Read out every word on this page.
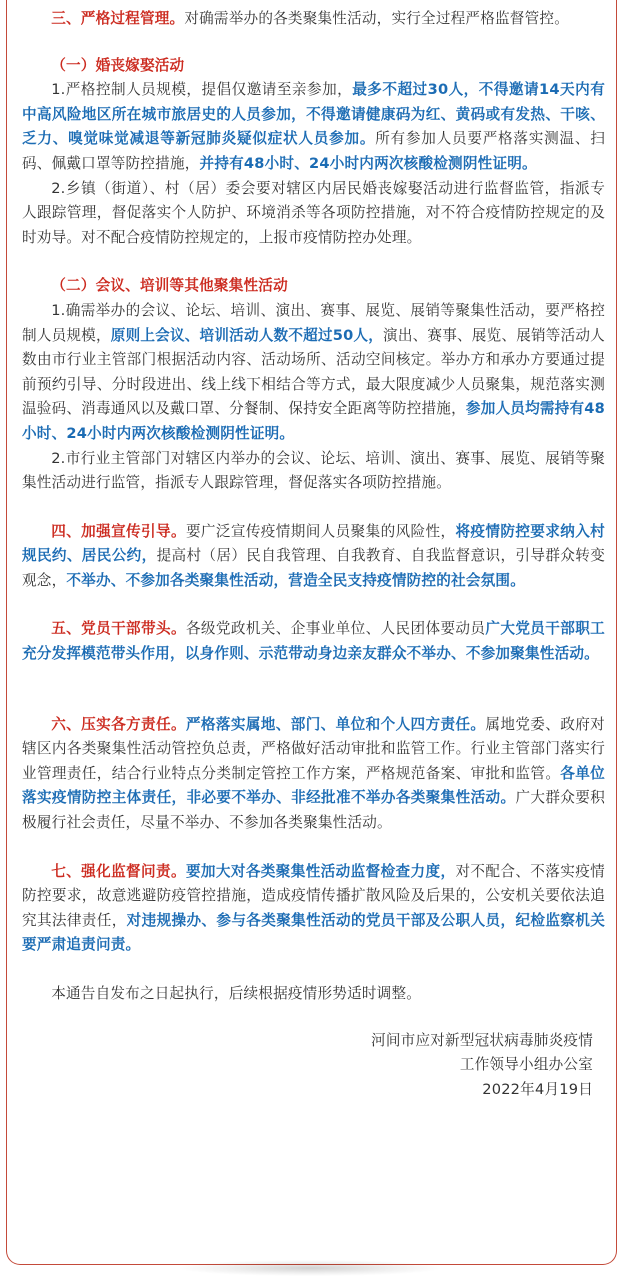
三、严格过程管理。对确需举办的各类聚集性活动，实行全过程严格监督管控。

（一）婚丧嫁娶活动

1.严格控制人员规模，提倡仅邀请至亲参加，最多不超过30人，不得邀请14天内有中高风险地区所在城市旅居史的人员参加，不得邀请健康码为红、黄码或有发热、干咳、乏力、嗅觉味觉减退等新冠肺炎疑似症状人员参加。所有参加人员要严格落实测温、扫码、佩戴口罩等防控措施，并持有48小时、24小时内两次核酸检测阴性证明。

2.乡镇（街道）、村（居）委会要对辖区内居民婚丧嫁娶活动进行监督监管，指派专人跟踪管理，督促落实个人防护、环境消杀等各项防控措施，对不符合疫情防控规定的及时劝导。对不配合疫情防控规定的，上报市疫情防控办处理。

（二）会议、培训等其他聚集性活动

1.确需举办的会议、论坛、培训、演出、赛事、展览、展销等聚集性活动，要严格控制人员规模，原则上会议、培训活动人数不超过50人，演出、赛事、展览、展销等活动人数由市行业主管部门根据活动内容、活动场所、活动空间核定。举办方和承办方要通过提前预约引导、分时段进出、线上线下相结合等方式，最大限度减少人员聚集，规范落实测温验码、消毒通风以及戴口罩、分餐制、保持安全距离等防控措施，参加人员均需持有48小时、24小时内两次核酸检测阴性证明。

2.市行业主管部门对辖区内举办的会议、论坛、培训、演出、赛事、展览、展销等聚集性活动进行监管，指派专人跟踪管理，督促落实各项防控措施。

四、加强宣传引导。要广泛宣传疫情期间人员聚集的风险性，将疫情防控要求纳入村规民约、居民公约，提高村（居）民自我管理、自我教育、自我监督意识，引导群众转变观念，不举办、不参加各类聚集性活动，营造全民支持疫情防控的社会氛围。

五、党员干部带头。各级党政机关、企事业单位、人民团体要动员广大党员干部职工充分发挥模范带头作用，以身作则、示范带动身边亲友群众不举办、不参加聚集性活动。

六、压实各方责任。严格落实属地、部门、单位和个人四方责任。属地党委、政府对辖区内各类聚集性活动管控负总责，严格做好活动审批和监管工作。行业主管部门落实行业管理责任，结合行业特点分类制定管控工作方案，严格规范备案、审批和监管。各单位落实疫情防控主体责任，非必要不举办、非经批准不举办各类聚集性活动。广大群众要积极履行社会责任，尽量不举办、不参加各类聚集性活动。

七、强化监督问责。要加大对各类聚集性活动监督检查力度，对不配合、不落实疫情防控要求，故意逃避防疫管控措施，造成疫情传播扩散风险及后果的，公安机关要依法追究其法律责任，对违规操办、参与各类聚集性活动的党员干部及公职人员，纪检监察机关要严肃追责问责。

本通告自发布之日起执行，后续根据疫情形势适时调整。

河间市应对新型冠状病毒肺炎疫情
工作领导小组办公室
2022年4月19日
